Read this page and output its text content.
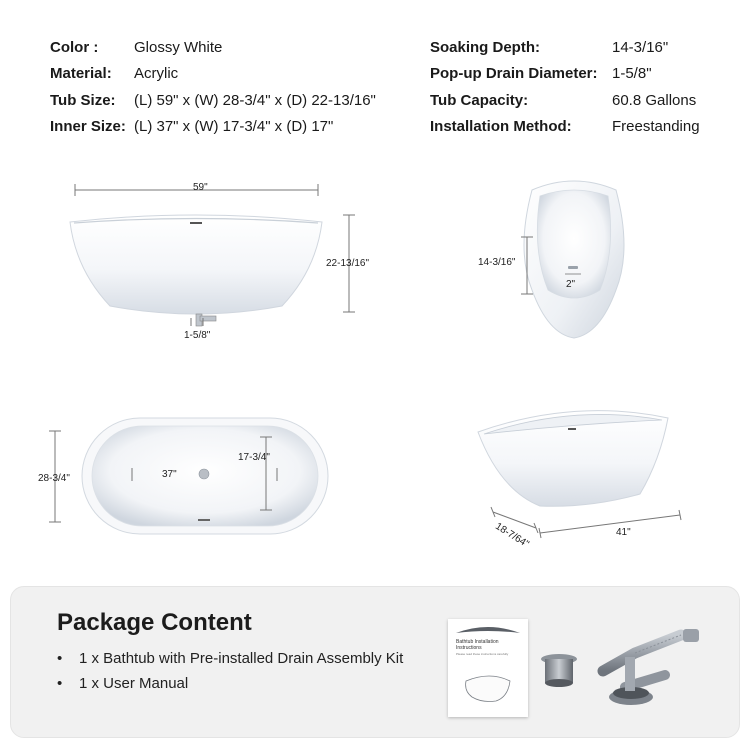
Color : Glossy White
Material: Acrylic
Tub Size: (L) 59" x (W) 28-3/4" x (D) 22-13/16"
Inner Size: (L) 37" x (W) 17-3/4" x (D) 17"
Soaking Depth:	14-3/16"
Pop-up Drain Diameter: 1-5/8"
Tub Capacity:	60.8 Gallons
Installation Method:	Freestanding
59"
22-13/16"
1-5/8"
14-3/16"
2"
28-3/4"	37"
17-3/4"
18-7/64"	41"
Package Content
• 1 x Bathtub with Pre-installed Drain Assembly Kit
• 1 x User Manual
Bathtub Installation Instructions
Please read these instructions carefully
